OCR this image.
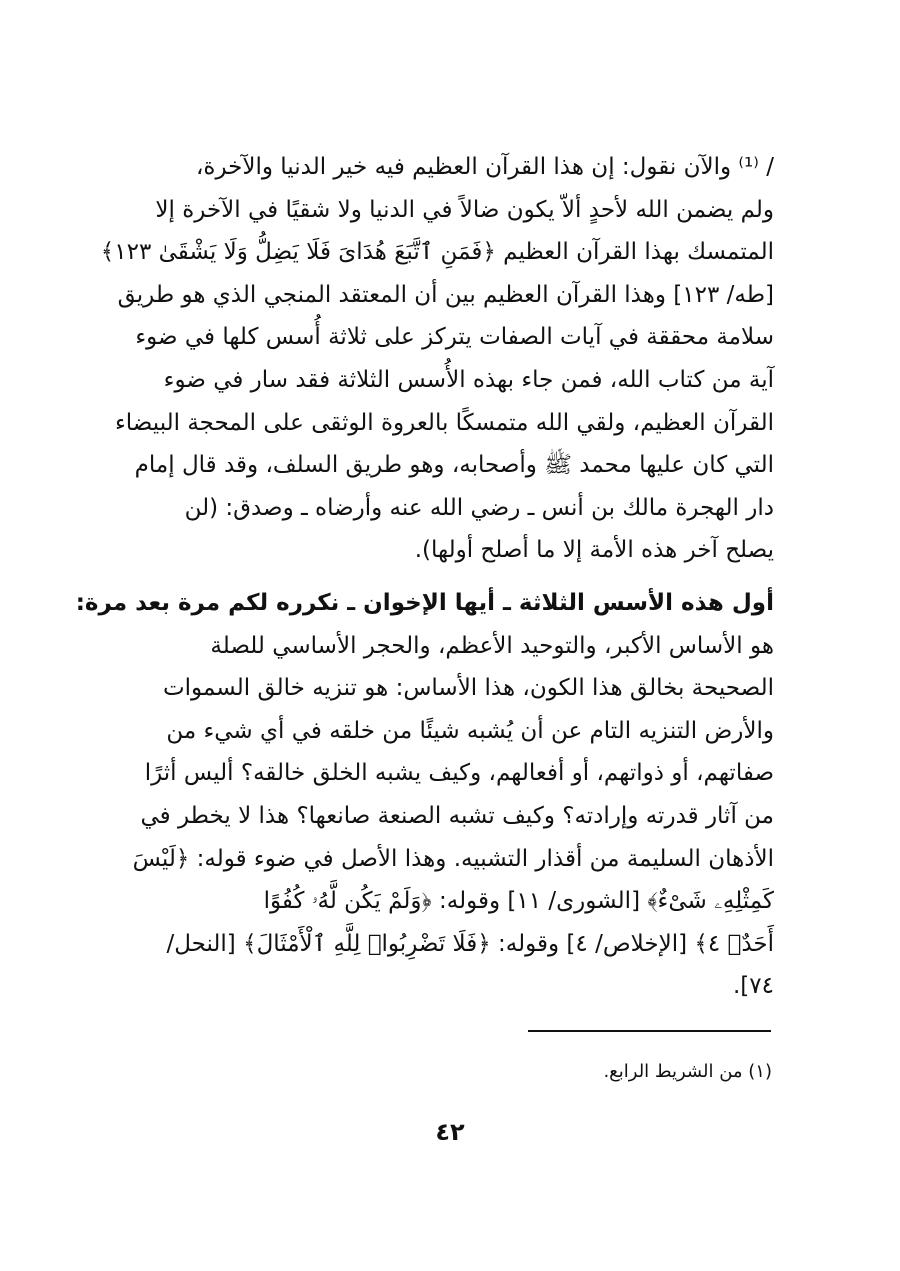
/ ⁽¹⁾ والآن نقول: إن هذا القرآن العظيم فيه خير الدنيا والآخرة،
ولم يضمن الله لأحدٍ ألاّ يكون ضالاً في الدنيا ولا شقيًا في الآخرة إلا
المتمسك بهذا القرآن العظيم ﴿فَمَنِ ٱتَّبَعَ هُدَاىَ فَلَا يَضِلُّ وَلَا يَشْقَىٰ ١٢٣﴾
[طه/ ١٢٣] وهذا القرآن العظيم بين أن المعتقد المنجي الذي هو طريق
سلامة محققة في آيات الصفات يتركز على ثلاثة أُسس كلها في ضوء
آية من كتاب الله، فمن جاء بهذه الأُسس الثلاثة فقد سار في ضوء
القرآن العظيم، ولقي الله متمسكًا بالعروة الوثقى على المحجة البيضاء
التي كان عليها محمد ﷺ وأصحابه، وهو طريق السلف، وقد قال إمام
دار الهجرة مالك بن أنس ـ رضي الله عنه وأرضاه ـ وصدق: (لن
يصلح آخر هذه الأمة إلا ما أصلح أولها).
أول هذه الأسس الثلاثة ـ أيها الإخوان ـ نكرره لكم مرة بعد مرة:
هو الأساس الأكبر، والتوحيد الأعظم، والحجر الأساسي للصلة
الصحيحة بخالق هذا الكون، هذا الأساس: هو تنزيه خالق السموات
والأرض التنزيه التام عن أن يُشبه شيئًا من خلقه في أي شيء من
صفاتهم، أو ذواتهم، أو أفعالهم، وكيف يشبه الخلق خالقه؟ أليس أثرًا
من آثار قدرته وإرادته؟ وكيف تشبه الصنعة صانعها؟ هذا لا يخطر في
الأذهان السليمة من أقذار التشبيه. وهذا الأصل في ضوء قوله: ﴿لَيْسَ
كَمِثْلِهِۦ شَىْءٌ﴾ [الشورى/ ١١] وقوله: ﴿وَلَمْ يَكُن لَّهُۥ كُفُوًا
أَحَدٌۢ ٤﴾ [الإخلاص/ ٤] وقوله: ﴿فَلَا تَضْرِبُوا۟ لِلَّهِ ٱلْأَمْثَالَ﴾ [النحل/
٧٤].
(١) من الشريط الرابع.
٤٢
